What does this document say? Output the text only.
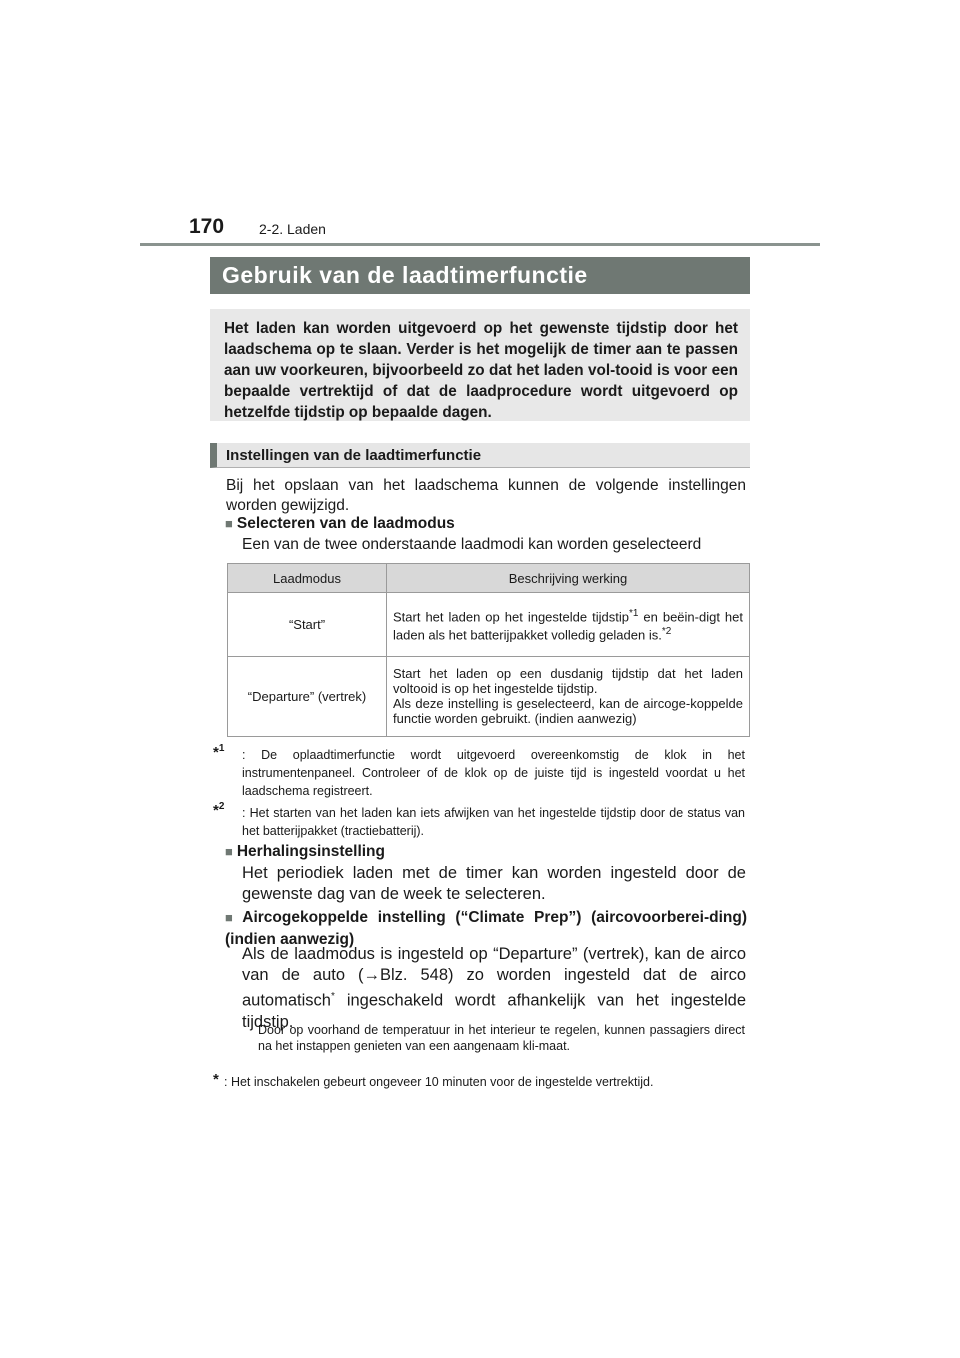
170 2-2. Laden
Gebruik van de laadtimerfunctie
Het laden kan worden uitgevoerd op het gewenste tijdstip door het laadschema op te slaan. Verder is het mogelijk de timer aan te passen aan uw voorkeuren, bijvoorbeeld zo dat het laden vol-tooid is voor een bepaalde vertrektijd of dat de laadprocedure wordt uitgevoerd op hetzelfde tijdstip op bepaalde dagen.
Instellingen van de laadtimerfunctie
Bij het opslaan van het laadschema kunnen de volgende instellingen worden gewijzigd.
■ Selecteren van de laadmodus
Een van de twee onderstaande laadmodi kan worden geselecteerd
Laadmodus	Beschrijving werking
“Start”	Start het laden op het ingestelde tijdstip$^{*1}$ en beëin-digt het laden als het batterijpakket volledig geladen is.$^{*2}$
“Departure” (vertrek)	Start het laden op een dusdanig tijdstip dat het laden voltooid is op het ingestelde tijdstip.
Als deze instelling is geselecteerd, kan de aircoge-koppelde functie worden gebruikt. (indien aanwezig)
*$^1$ : De oplaadtimerfunctie wordt uitgevoerd overeenkomstig de klok in het instrumentenpaneel. Controleer of de klok op de juiste tijd is ingesteld voordat u het laadschema registreert.
*$^2$ : Het starten van het laden kan iets afwijken van het ingestelde tijdstip door de status van het batterijpakket (tractiebatterij).
■ Herhalingsinstelling
Het periodiek laden met de timer kan worden ingesteld door de gewenste dag van de week te selecteren.
■ Aircogekoppelde instelling (“Climate Prep”) (aircovoorberei-ding) (indien aanwezig)
Als de laadmodus is ingesteld op “Departure” (vertrek), kan de airco van de auto (→Blz. 548) zo worden ingesteld dat de airco automatisch* ingeschakeld wordt afhankelijk van het ingestelde tijdstip.
Door op voorhand de temperatuur in het interieur te regelen, kunnen passagiers direct na het instappen genieten van een aangenaam kli-maat.
* : Het inschakelen gebeurt ongeveer 10 minuten voor de ingestelde vertrektijd.
